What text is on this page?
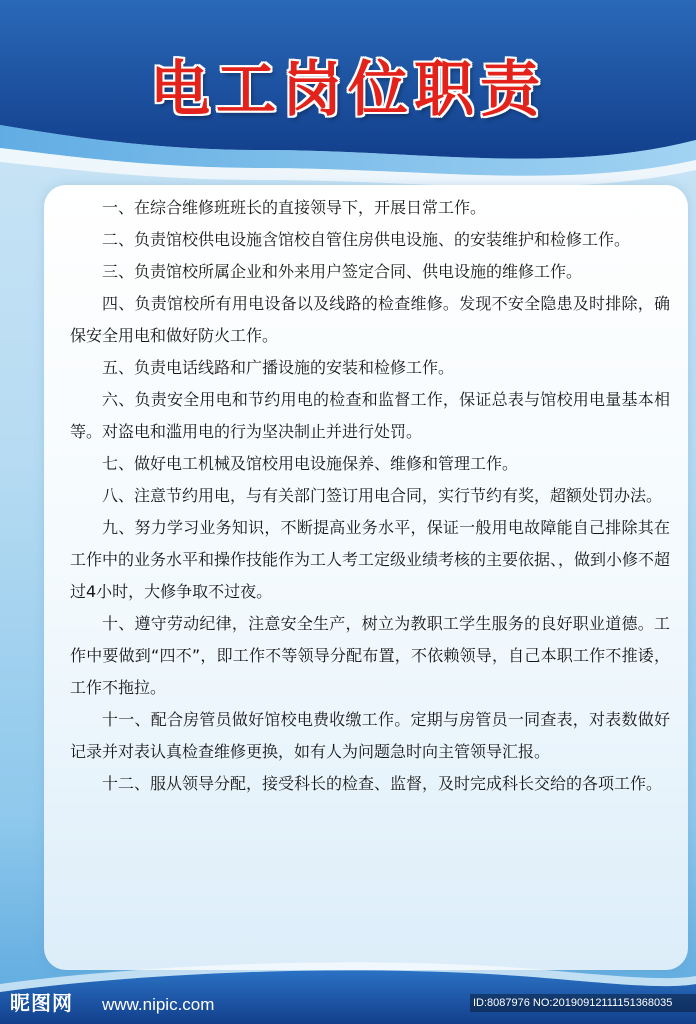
电工岗位职责

一、在综合维修班班长的直接领导下，开展日常工作。

二、负责馆校供电设施含馆校自管住房供电设施、的安装维护和检修工作。

三、负责馆校所属企业和外来用户签定合同、供电设施的维修工作。

四、负责馆校所有用电设备以及线路的检查维修。发现不安全隐患及时排除，确保安全用电和做好防火工作。

五、负责电话线路和广播设施的安装和检修工作。

六、负责安全用电和节约用电的检查和监督工作，保证总表与馆校用电量基本相等。对盗电和滥用电的行为坚决制止并进行处罚。

七、做好电工机械及馆校用电设施保养、维修和管理工作。

八、注意节约用电，与有关部门签订用电合同，实行节约有奖，超额处罚办法。

九、努力学习业务知识，不断提高业务水平，保证一般用电故障能自己排除其在工作中的业务水平和操作技能作为工人考工定级业绩考核的主要依据、，做到小修不超过4小时，大修争取不过夜。

十、遵守劳动纪律，注意安全生产，树立为教职工学生服务的良好职业道德。工作中要做到“四不”，即工作不等领导分配布置，不依赖领导，自己本职工作不推诿，工作不拖拉。

十一、配合房管员做好馆校电费收缴工作。定期与房管员一同查表，对表数做好记录并对表认真检查维修更换，如有人为问题急时向主管领导汇报。

十二、服从领导分配，接受科长的检查、监督，及时完成科长交给的各项工作。

昵图网 www.nipic.com	ID:8087976 NO:20190912111151368035
